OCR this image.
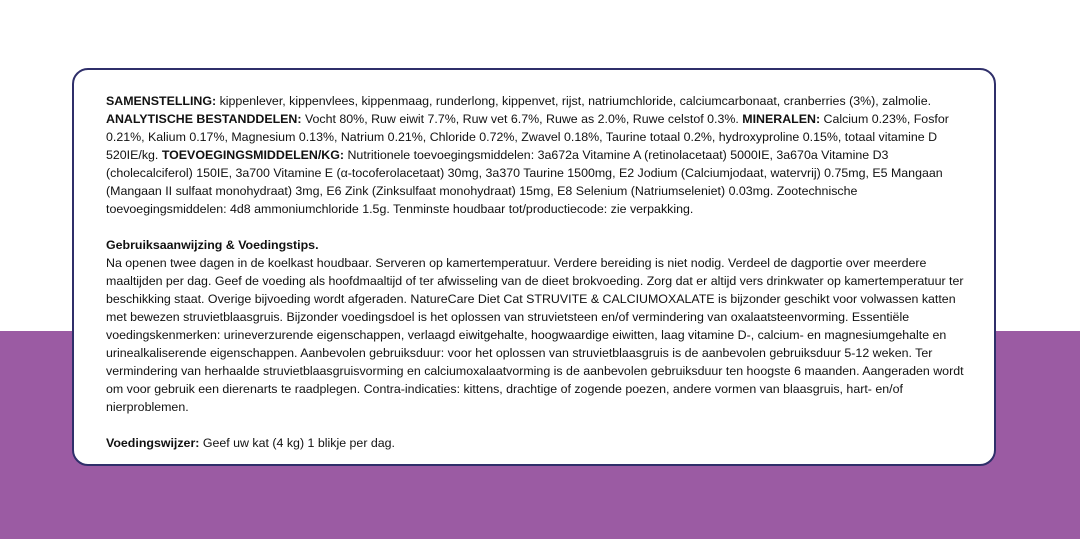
SAMENSTELLING: kippenlever, kippenvlees, kippenmaag, runderlong, kippenvet, rijst, natriumchloride, calciumcarbonaat, cranberries (3%), zalmolie. ANALYTISCHE BESTANDDELEN: Vocht 80%, Ruw eiwit 7.7%, Ruw vet 6.7%, Ruwe as 2.0%, Ruwe celstof 0.3%. MINERALEN: Calcium 0.23%, Fosfor 0.21%, Kalium 0.17%, Magnesium 0.13%, Natrium 0.21%, Chloride 0.72%, Zwavel 0.18%, Taurine totaal 0.2%, hydroxyproline 0.15%, totaal vitamine D 520IE/kg. TOEVOEGINGSMIDDELEN/KG: Nutritionele toevoegingsmiddelen: 3a672a Vitamine A (retinolacetaat) 5000IE, 3a670a Vitamine D3 (cholecalciferol) 150IE, 3a700 Vitamine E (α-tocoferolacetaat) 30mg, 3a370 Taurine 1500mg, E2 Jodium (Calciumjodaat, watervrij) 0.75mg, E5 Mangaan (Mangaan II sulfaat monohydraat) 3mg, E6 Zink (Zinksulfaat monohydraat) 15mg, E8 Selenium (Natriumseleniet) 0.03mg. Zootechnische toevoegingsmiddelen: 4d8 ammoniumchloride 1.5g. Tenminste houdbaar tot/productiecode: zie verpakking.

Gebruiksaanwijzing & Voedingstips.

Na openen twee dagen in de koelkast houdbaar. Serveren op kamertemperatuur. Verdere bereiding is niet nodig. Verdeel de dagportie over meerdere maaltijden per dag. Geef de voeding als hoofdmaaltijd of ter afwisseling van de dieet brokvoeding. Zorg dat er altijd vers drinkwater op kamertemperatuur ter beschikking staat. Overige bijvoeding wordt afgeraden. NatureCare Diet Cat STRUVITE & CALCIUMOXALATE is bijzonder geschikt voor volwassen katten met bewezen struvietblaasgruis. Bijzonder voedingsdoel is het oplossen van struvietsteen en/of vermindering van oxalaatsteenvorming. Essentiële voedingskenmerken: urineverzurende eigenschappen, verlaagd eiwitgehalte, hoogwaardige eiwitten, laag vitamine D-, calcium- en magnesiumgehalte en urinealkaliserende eigenschappen. Aanbevolen gebruiksduur: voor het oplossen van struvietblaasgruis is de aanbevolen gebruiksduur 5-12 weken. Ter vermindering van herhaalde struvietblaasgruisvorming en calciumoxalaatvorming is de aanbevolen gebruiksduur ten hoogste 6 maanden. Aangeraden wordt om voor gebruik een dierenarts te raadplegen. Contra-indicaties: kittens, drachtige of zogende poezen, andere vormen van blaasgruis, hart- en/of nierproblemen.

Voedingswijzer: Geef uw kat (4 kg) 1 blikje per dag.
